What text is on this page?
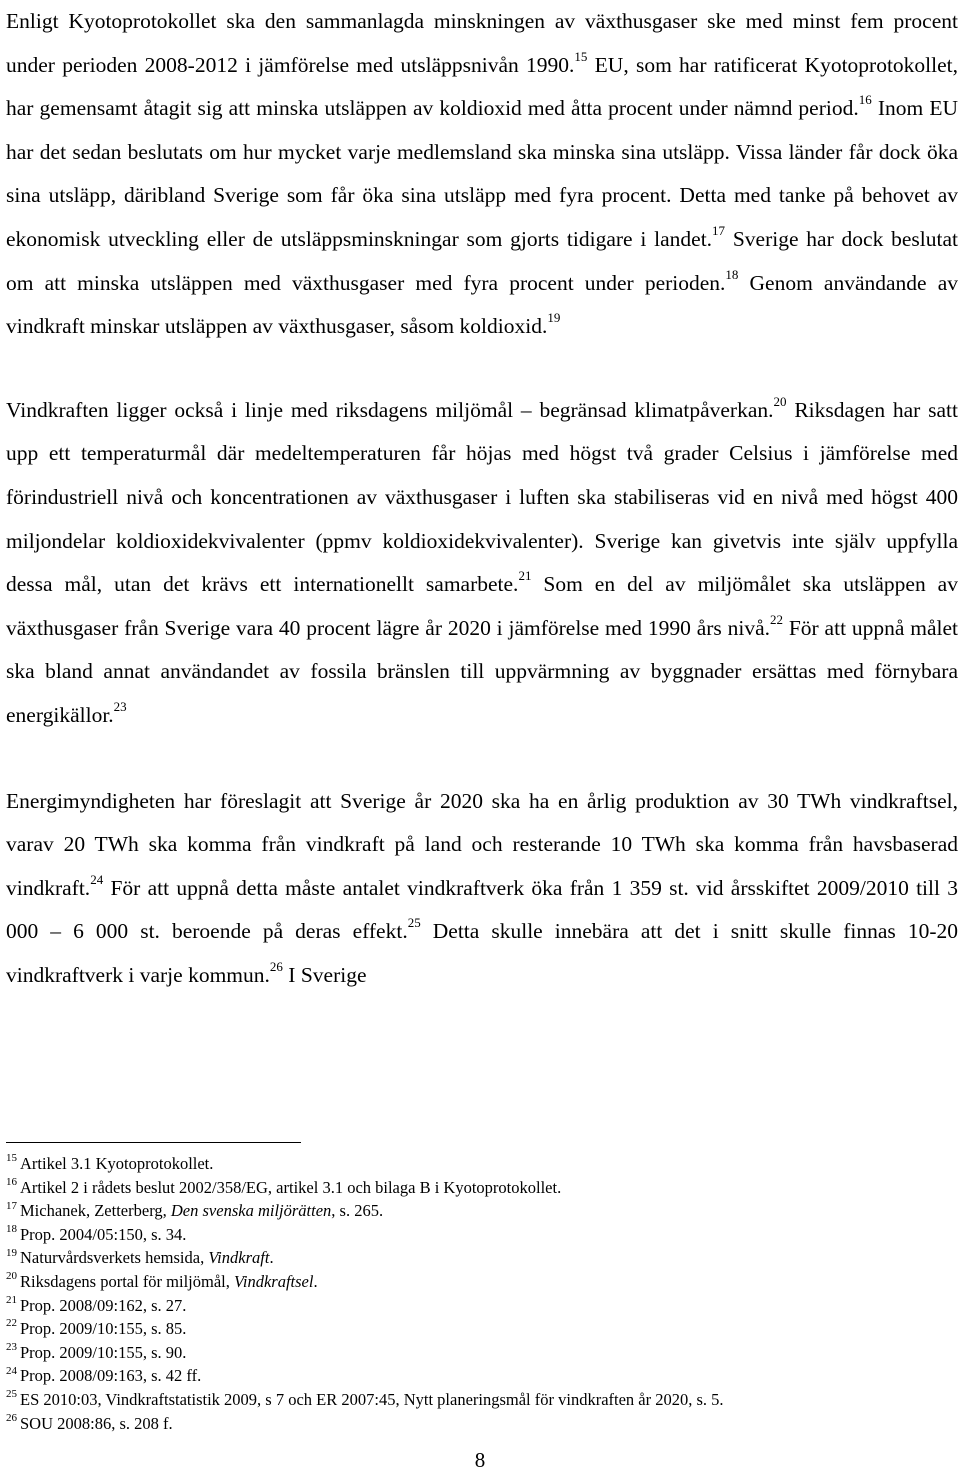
Enligt Kyotoprotokollet ska den sammanlagda minskningen av växthusgaser ske med minst fem procent under perioden 2008-2012 i jämförelse med utsläppsnivån 1990.15 EU, som har ratificerat Kyotoprotokollet, har gemensamt åtagit sig att minska utsläppen av koldioxid med åtta procent under nämnd period.$^{16}$ Inom EU har det sedan beslutats om hur mycket varje medlemsland ska minska sina utsläpp. Vissa länder får dock öka sina utsläpp, däribland Sverige som får öka sina utsläpp med fyra procent. Detta med tanke på behovet av ekonomisk utveckling eller de utsläppsminskningar som gjorts tidigare i landet.$^{17}$ Sverige har dock beslutat om att minska utsläppen med växthusgaser med fyra procent under perioden.$^{18}$ Genom användande av vindkraft minskar utsläppen av växthusgaser, såsom koldioxid.$^{19}$

Vindkraften ligger också i linje med riksdagens miljömål – begränsad klimatpåverkan.$^{20}$ Riksdagen har satt upp ett temperaturmål där medeltemperaturen får höjas med högst två grader Celsius i jämförelse med förindustriell nivå och koncentrationen av växthusgaser i luften ska stabiliseras vid en nivå med högst 400 miljondelar koldioxidekvivalenter (ppmv koldioxidekvivalenter). Sverige kan givetvis inte själv uppfylla dessa mål, utan det krävs ett internationellt samarbete.$^{21}$ Som en del av miljömålet ska utsläppen av växthusgaser från Sverige vara 40 procent lägre år 2020 i jämförelse med 1990 års nivå.$^{22}$ För att uppnå målet ska bland annat användandet av fossila bränslen till uppvärmning av byggnader ersättas med förnybara energikällor.$^{23}$

Energimyndigheten har föreslagit att Sverige år 2020 ska ha en årlig produktion av 30 TWh vindkraftsel, varav 20 TWh ska komma från vindkraft på land och resterande 10 TWh ska komma från havsbaserad vindkraft.$^{24}$ För att uppnå detta måste antalet vindkraftverk öka från 1 359 st. vid årsskiftet 2009/2010 till 3 000 – 6 000 st. beroende på deras effekt.$^{25}$ Detta skulle innebära att det i snitt skulle finnas 10-20 vindkraftverk i varje kommun.$^{26}$ I Sverige

$^{15}$ Artikel 3.1 Kyotoprotokollet.

$^{16}$ Artikel 2 i rådets beslut 2002/358/EG, artikel 3.1 och bilaga B i Kyotoprotokollet.

$^{17}$ Michanek, Zetterberg, Den svenska miljörätten, s. 265.

$^{18}$ Prop. 2004/05:150, s. 34.

$^{19}$ Naturvårdsverkets hemsida, Vindkraft.

$^{20}$ Riksdagens portal för miljömål, Vindkraftsel.

$^{21}$ Prop. 2008/09:162, s. 27.

$^{22}$ Prop. 2009/10:155, s. 85.

$^{23}$ Prop. 2009/10:155, s. 90.

$^{24}$ Prop. 2008/09:163, s. 42 ff.

$^{25}$ ES 2010:03, Vindkraftstatistik 2009, s 7 och ER 2007:45, Nytt planeringsmål för vindkraften år 2020, s. 5.

$^{26}$ SOU 2008:86, s. 208 f.

8
